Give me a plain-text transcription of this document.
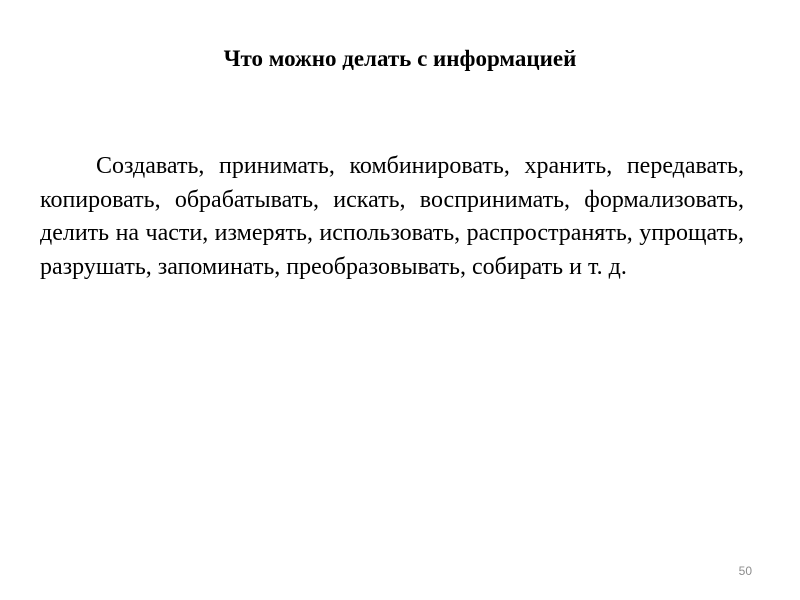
Что можно делать с информацией

Создавать, принимать, комбинировать, хранить, передавать, копировать, обрабатывать, искать, воспринимать, формализовать, делить на части, измерять, использовать, распространять, упрощать, разрушать, запоминать, преобразовывать, собирать и т. д.

50
